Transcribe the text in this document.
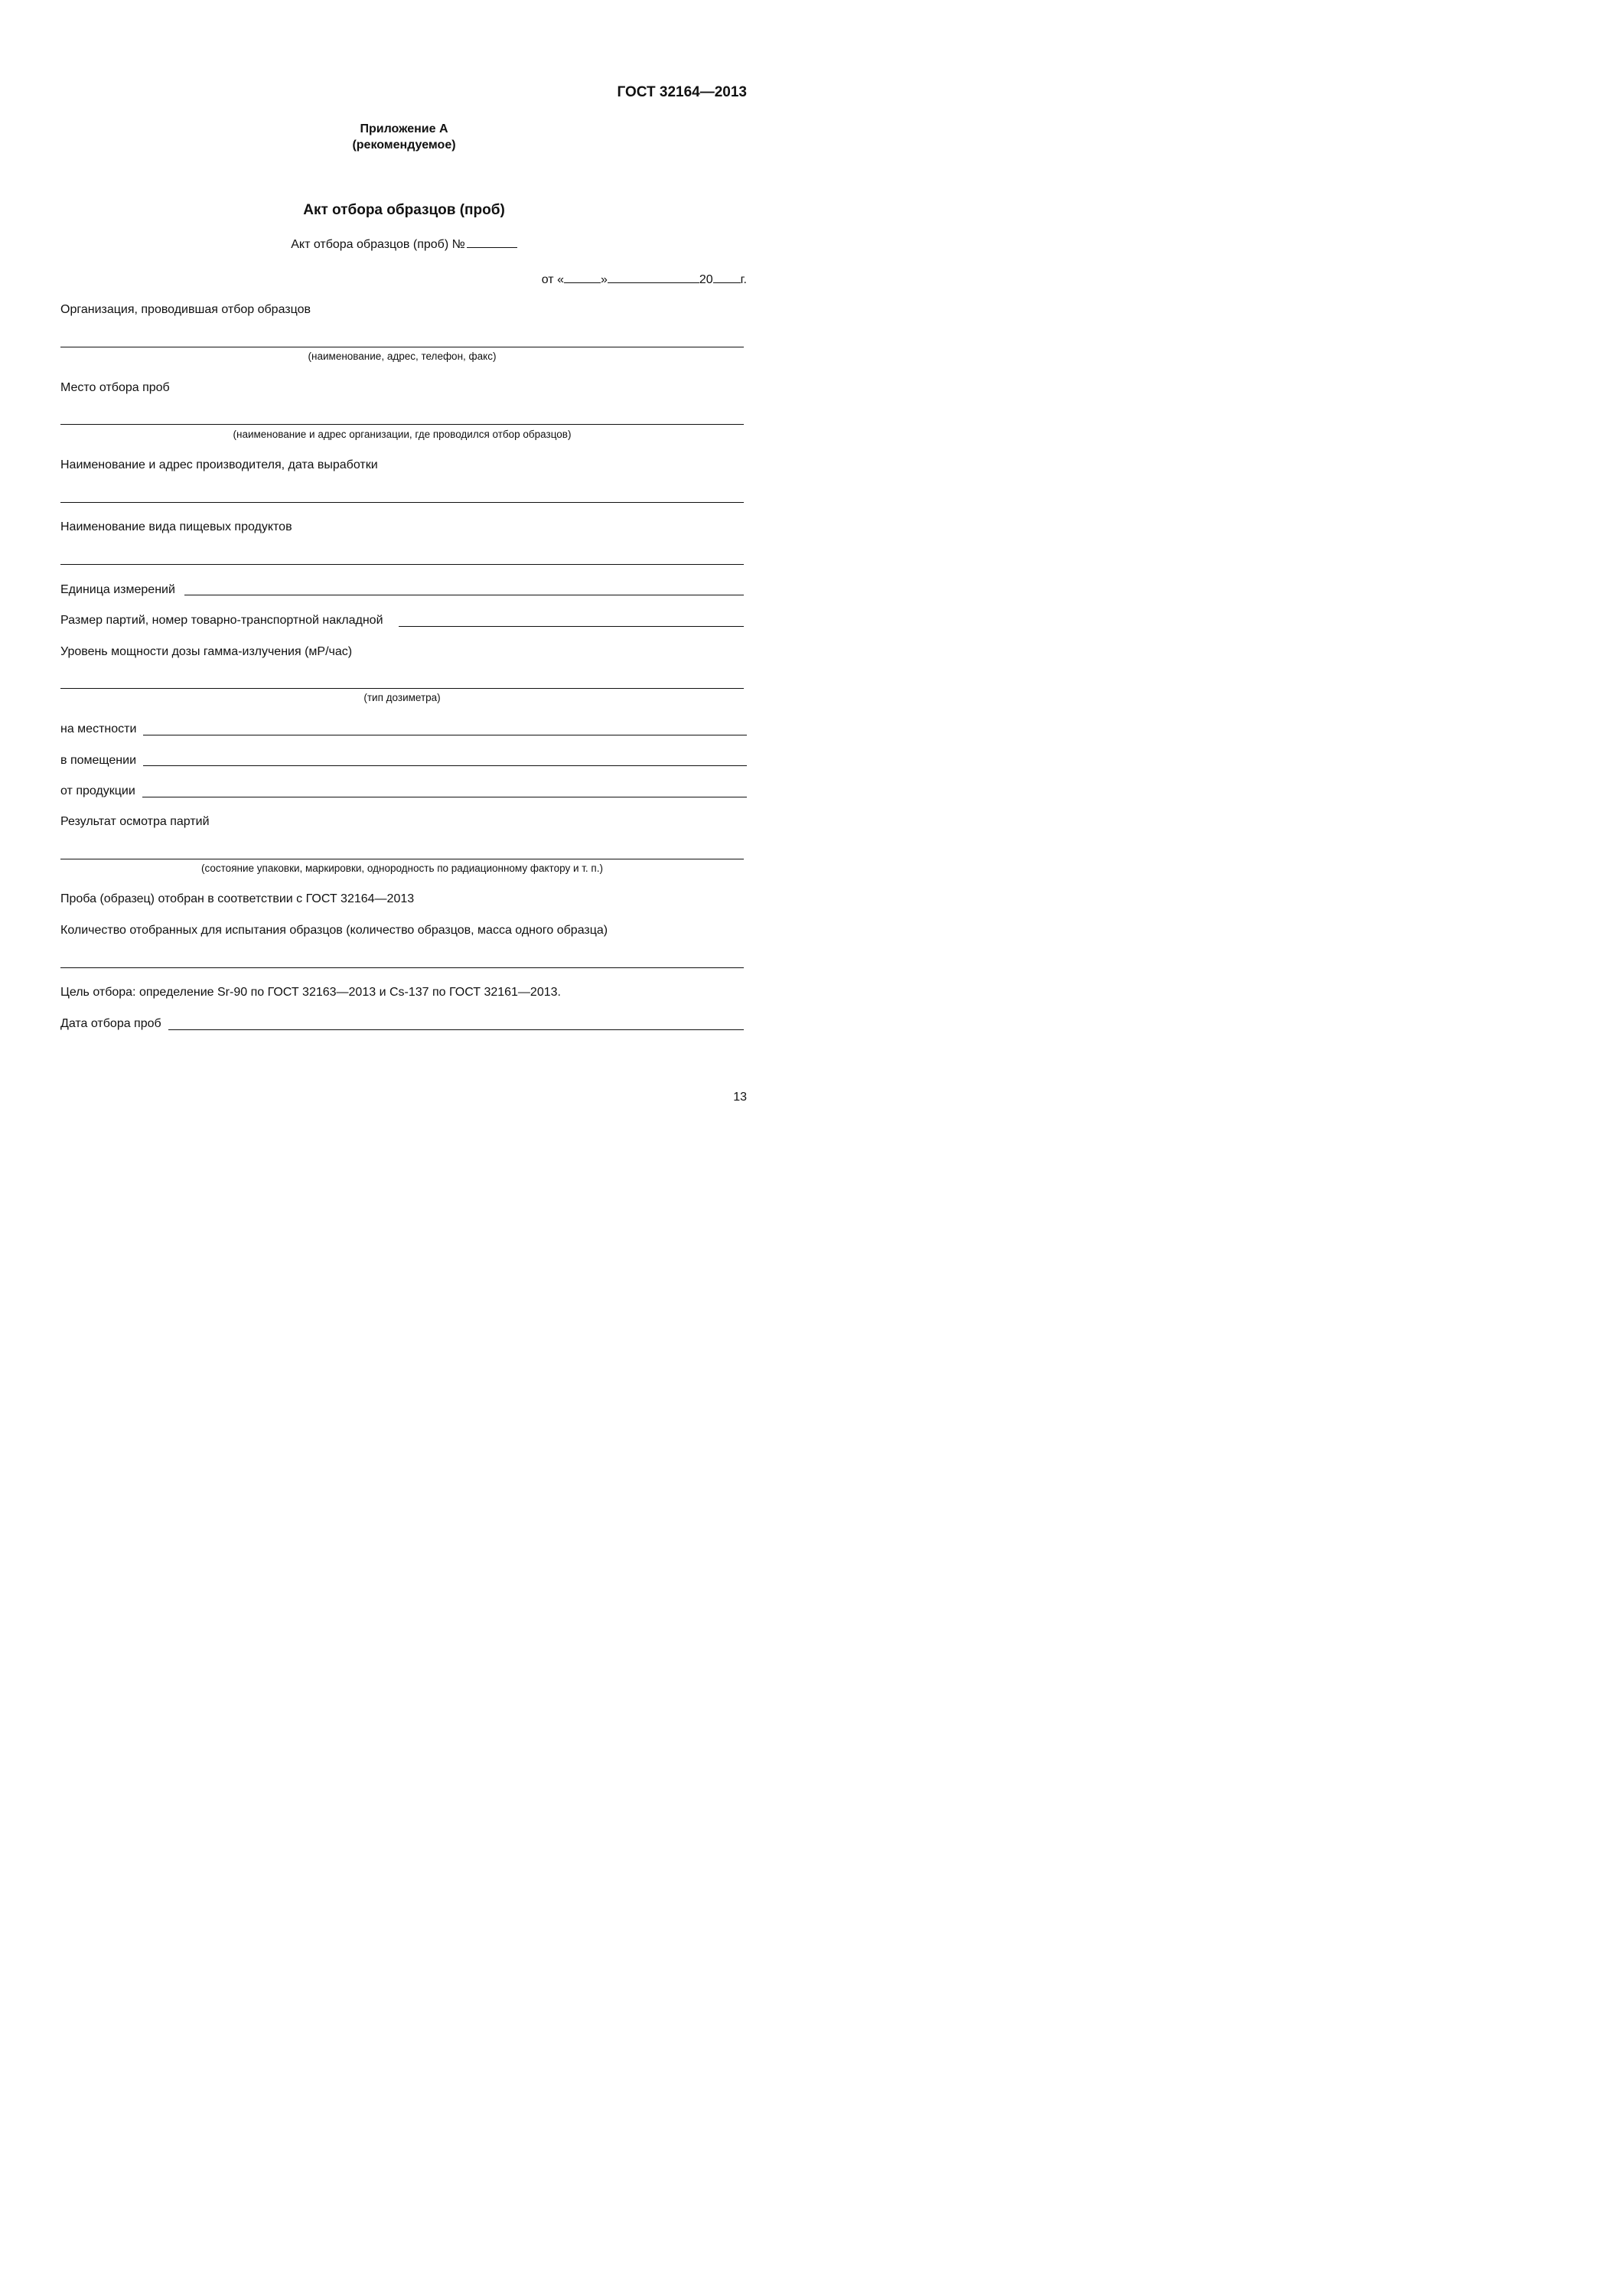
ГОСТ 32164—2013
Приложение А
(рекомендуемое)
Акт отбора образцов (проб)
Акт отбора образцов (проб) №
от «	»	20 г.
Организация, проводившая отбор образцов
(наименование, адрес, телефон, факс)
Место отбора проб
(наименование и адрес организации, где проводился отбор образцов)
Наименование и адрес производителя, дата выработки
Наименование вида пищевых продуктов
Единица измерений
Размер партий, номер товарно-транспортной накладной
Уровень мощности дозы гамма-излучения (мР/час)
(тип дозиметра)
на местности
в помещении
от продукции
Результат осмотра партий
(состояние упаковки, маркировки, однородность по радиационному фактору и т. п.)
Проба (образец) отобран в соответствии с ГОСТ 32164—2013
Количество отобранных для испытания образцов (количество образцов, масса одного образца)
Цель отбора: определение Sr-90 по ГОСТ 32163—2013 и Cs-137 по ГОСТ 32161—2013.
Дата отбора проб
13
